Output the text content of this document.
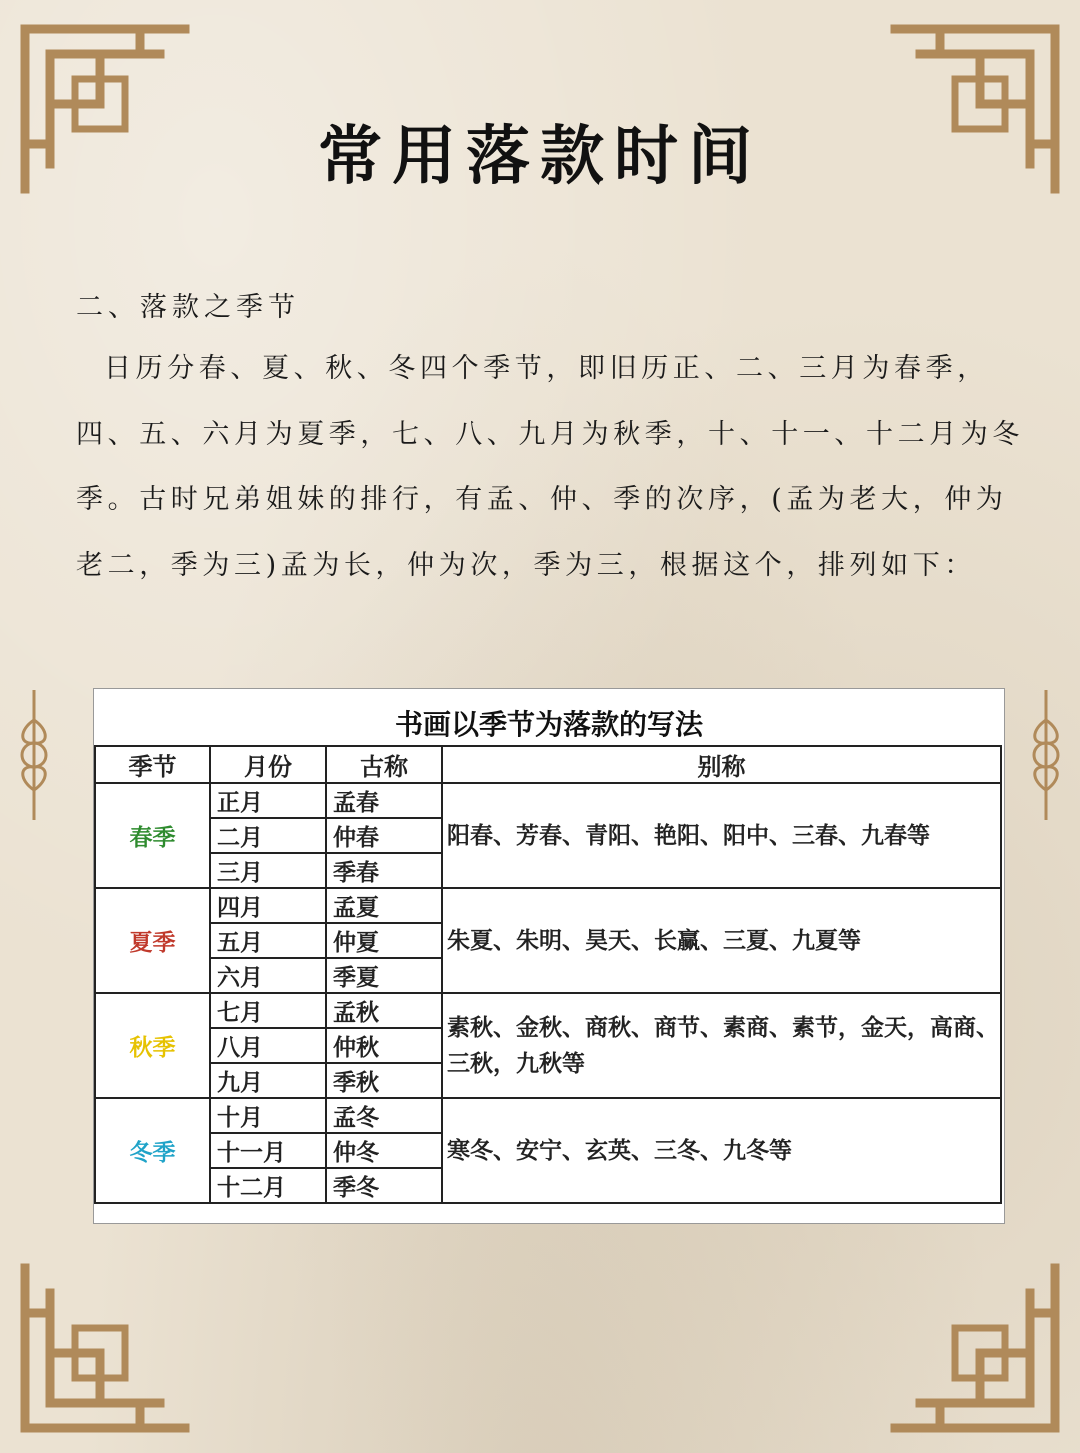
常用落款时间

二、落款之季节

日历分春、夏、秋、冬四个季节，即旧历正、二、三月为春季，四、五、六月为夏季，七、八、九月为秋季，十、十一、十二月为冬季。古时兄弟姐妹的排行，有孟、仲、季的次序，(孟为老大，仲为老二，季为三)孟为长，仲为次，季为三，根据这个，排列如下：

书画以季节为落款的写法

季节	月份	古称	别称
春季	正月	孟春	阳春、芳春、青阳、艳阳、阳中、三春、九春等
	二月	仲春	
	三月	季春	
夏季	四月	孟夏	朱夏、朱明、昊天、长赢、三夏、九夏等
	五月	仲夏	
	六月	季夏	
秋季	七月	孟秋	素秋、金秋、商秋、商节、素商、素节，金天，高商、三秋，九秋等
	八月	仲秋	
	九月	季秋	
冬季	十月	孟冬	寒冬、安宁、玄英、三冬、九冬等
	十一月	仲冬	
	十二月	季冬	
